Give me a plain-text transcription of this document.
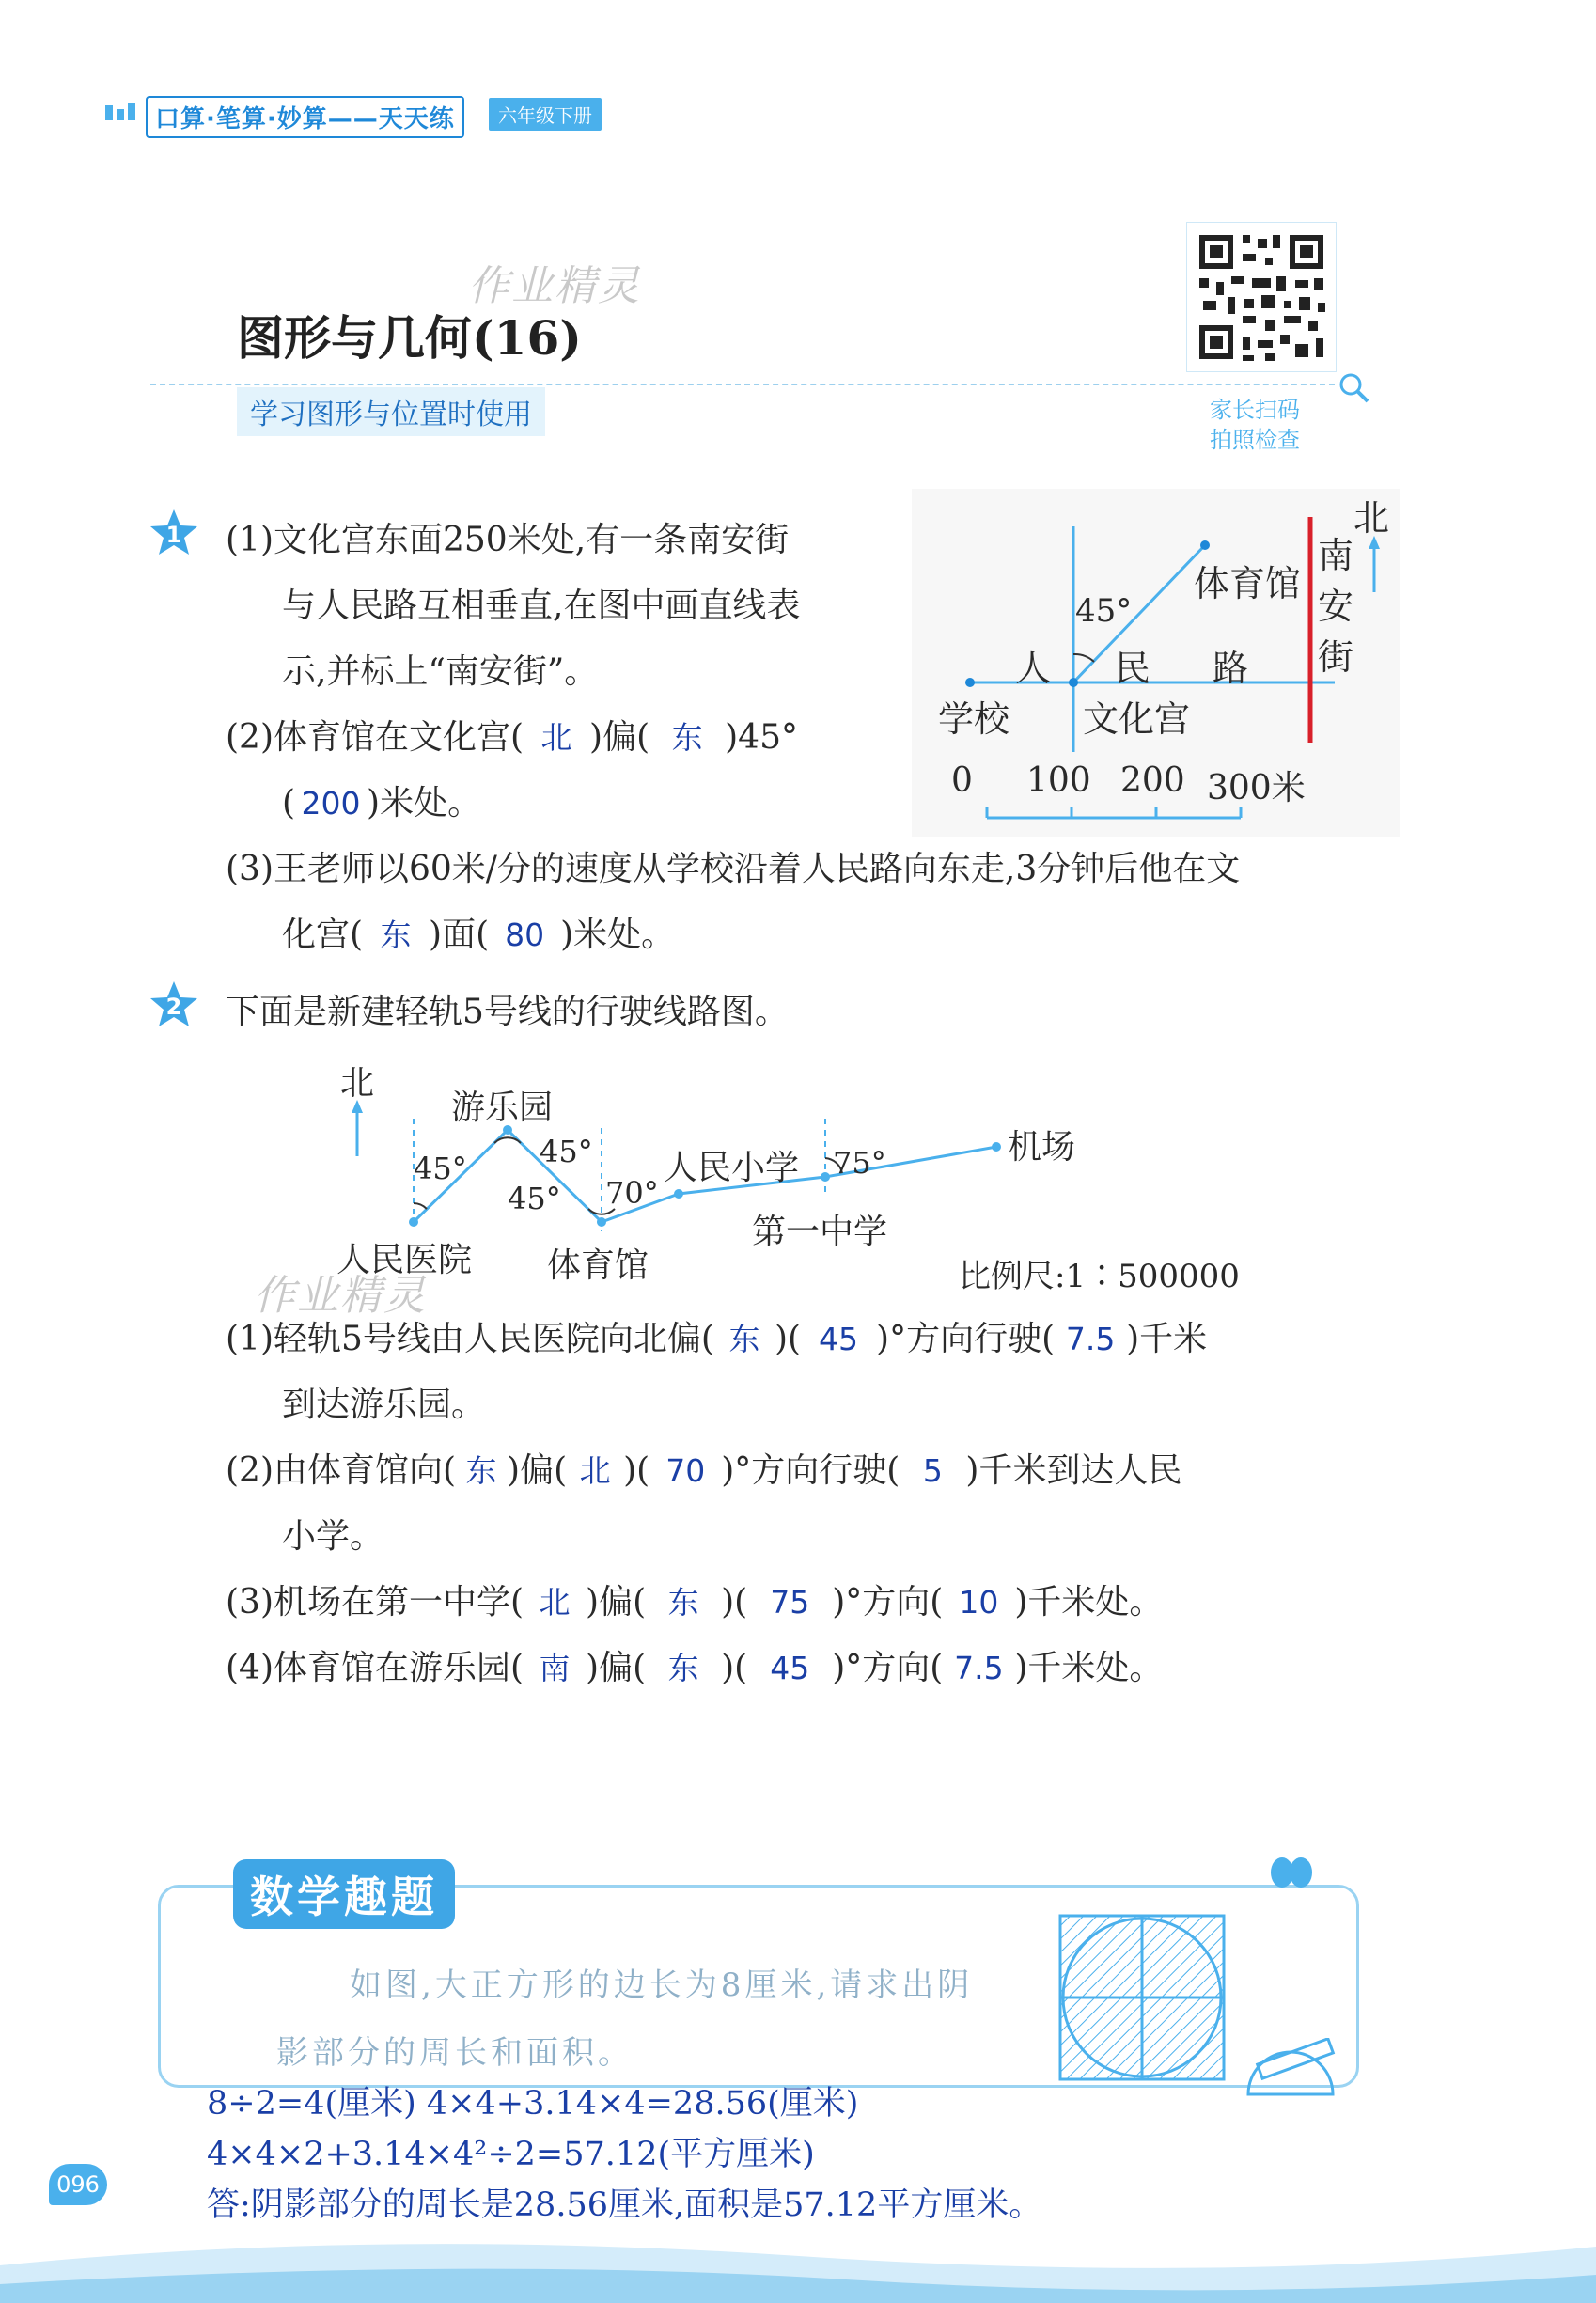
口算·笔算·妙算——天天练	六年级下册
作业精灵
图形与几何(16)
学习图形与位置时使用	家长扫码
拍照检查
1 (1)文化宫东面250米处,有一条南安街
与人民路互相垂直,在图中画直线表
示,并标上“南安街”。
(2)体育馆在文化宫( 北 )偏( 东 )45°
( 200 )米处。
(3)王老师以60米/分的速度从学校沿着人民路向东走,3分钟后他在文
化宫( 东 )面( 80 )米处。
北
南
安
街
体育馆
45°
人 民 路
学校 文化宫
0 100 200 300米
2 下面是新建轻轨5号线的行驶线路图。
北
游乐园
人民小学
机场
人民医院 体育馆
第一中学
45° 45°
45° 70°
75°
比例尺:1∶500000
作业精灵
(1)轻轨5号线由人民医院向北偏( 东 )( 45 )°方向行驶( 7.5 )千米
到达游乐园。
(2)由体育馆向( 东 )偏( 北 )( 70 )°方向行驶( 5 )千米到达人民
小学。
(3)机场在第一中学( 北 )偏( 东 )( 75 )°方向( 10 )千米处。
(4)体育馆在游乐园( 南 )偏( 东 )( 45 )°方向( 7.5 )千米处。
数学趣题
如图,大正方形的边长为8厘米,请求出阴
影部分的周长和面积。
8÷2=4(厘米) 4×4+3.14×4=28.56(厘米)
4×4×2+3.14×4²÷2=57.12(平方厘米)
答:阴影部分的周长是28.56厘米,面积是57.12平方厘米。
096
